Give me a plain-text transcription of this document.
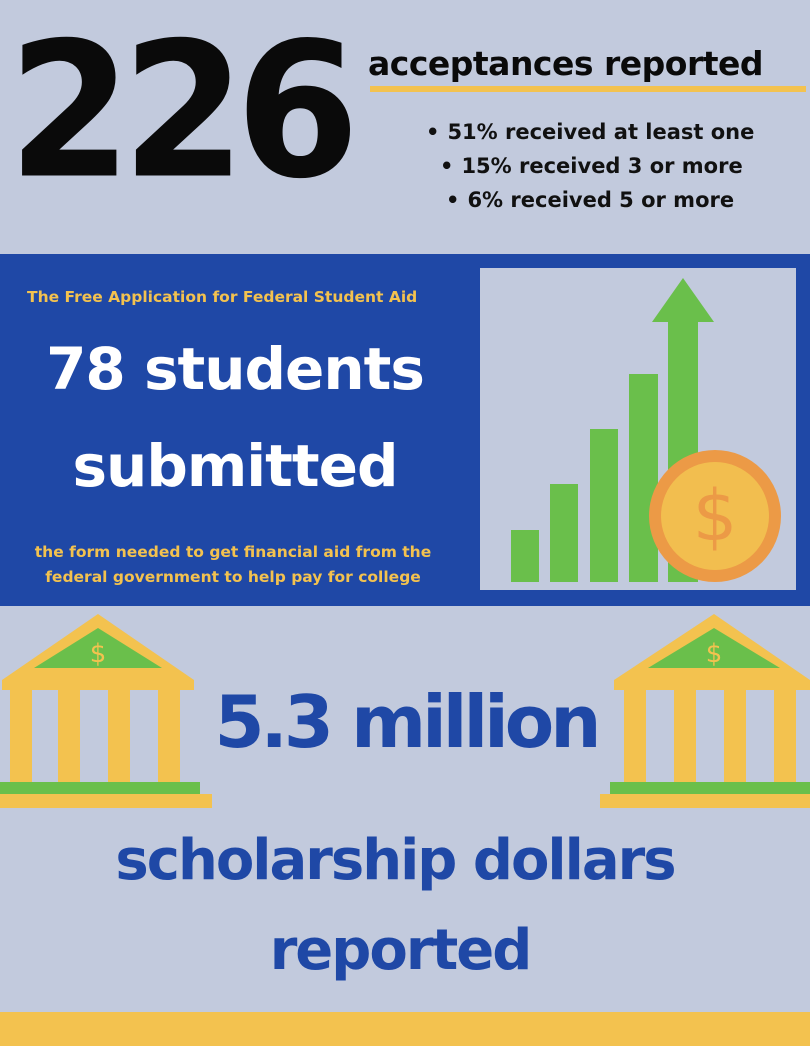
226 acceptances reported
• 51% received at least one
• 15% received 3 or more
• 6% received 5 or more
The Free Application for Federal Student Aid
78 students
submitted
the form needed to get financial aid from the
federal government to help pay for college
$
$	$
5.3 million
scholarship dollars
reported
